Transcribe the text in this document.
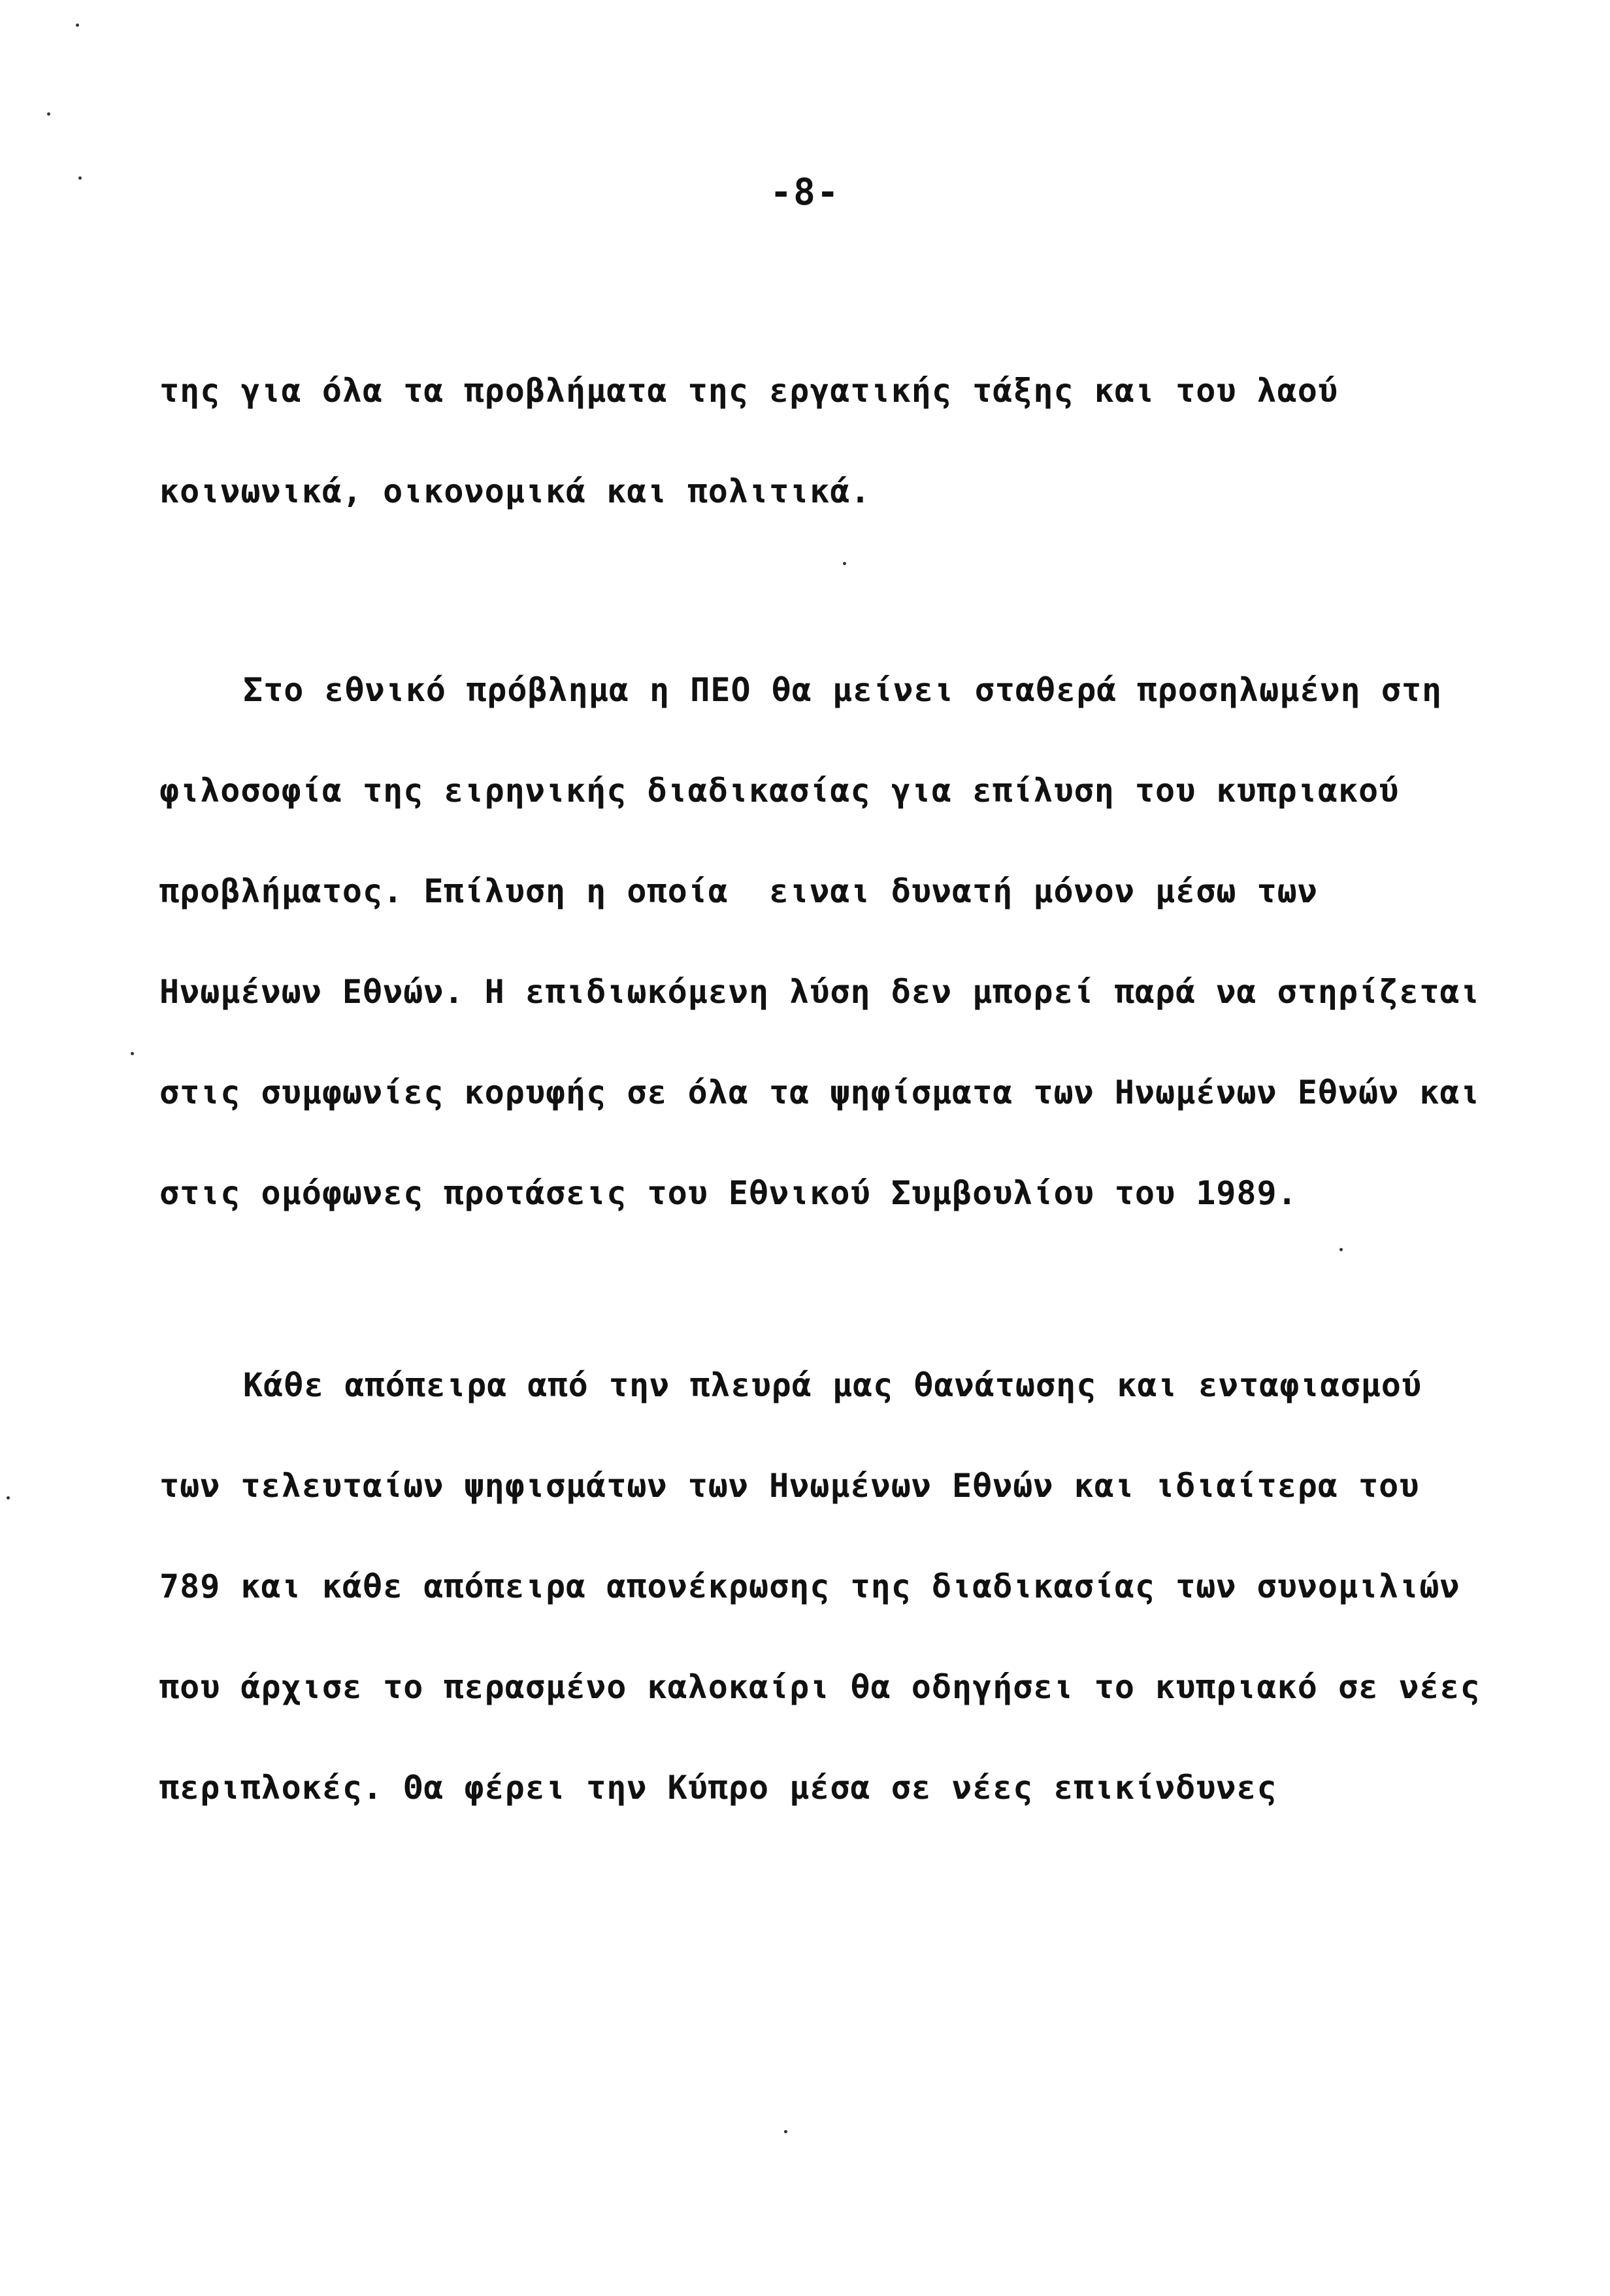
-8-
της για όλα τα προβλήματα της εργατικής τάξης και του λαού
κοινωνικά, οικονομικά και πολιτικά.
Στο εθνικό πρόβλημα η ΠΕΟ θα μείνει σταθερά προσηλωμένη στη
φιλοσοφία της ειρηνικής διαδικασίας για επίλυση του κυπριακού
προβλήματος. Επίλυση η οποία  ειναι δυνατή μόνον μέσω των
Ηνωμένων Εθνών. Η επιδιωκόμενη λύση δεν μπορεί παρά να στηρίζεται
στις συμφωνίες κορυφής σε όλα τα ψηφίσματα των Ηνωμένων Εθνών και
στις ομόφωνες προτάσεις του Εθνικού Συμβουλίου του 1989.
Κάθε απόπειρα από την πλευρά μας θανάτωσης και ενταφιασμού
των τελευταίων ψηφισμάτων των Ηνωμένων Εθνών και ιδιαίτερα του
789 και κάθε απόπειρα απονέκρωσης της διαδικασίας των συνομιλιών
που άρχισε το περασμένο καλοκαίρι θα οδηγήσει το κυπριακό σε νέες
περιπλοκές. Θα φέρει την Κύπρο μέσα σε νέες επικίνδυνες
